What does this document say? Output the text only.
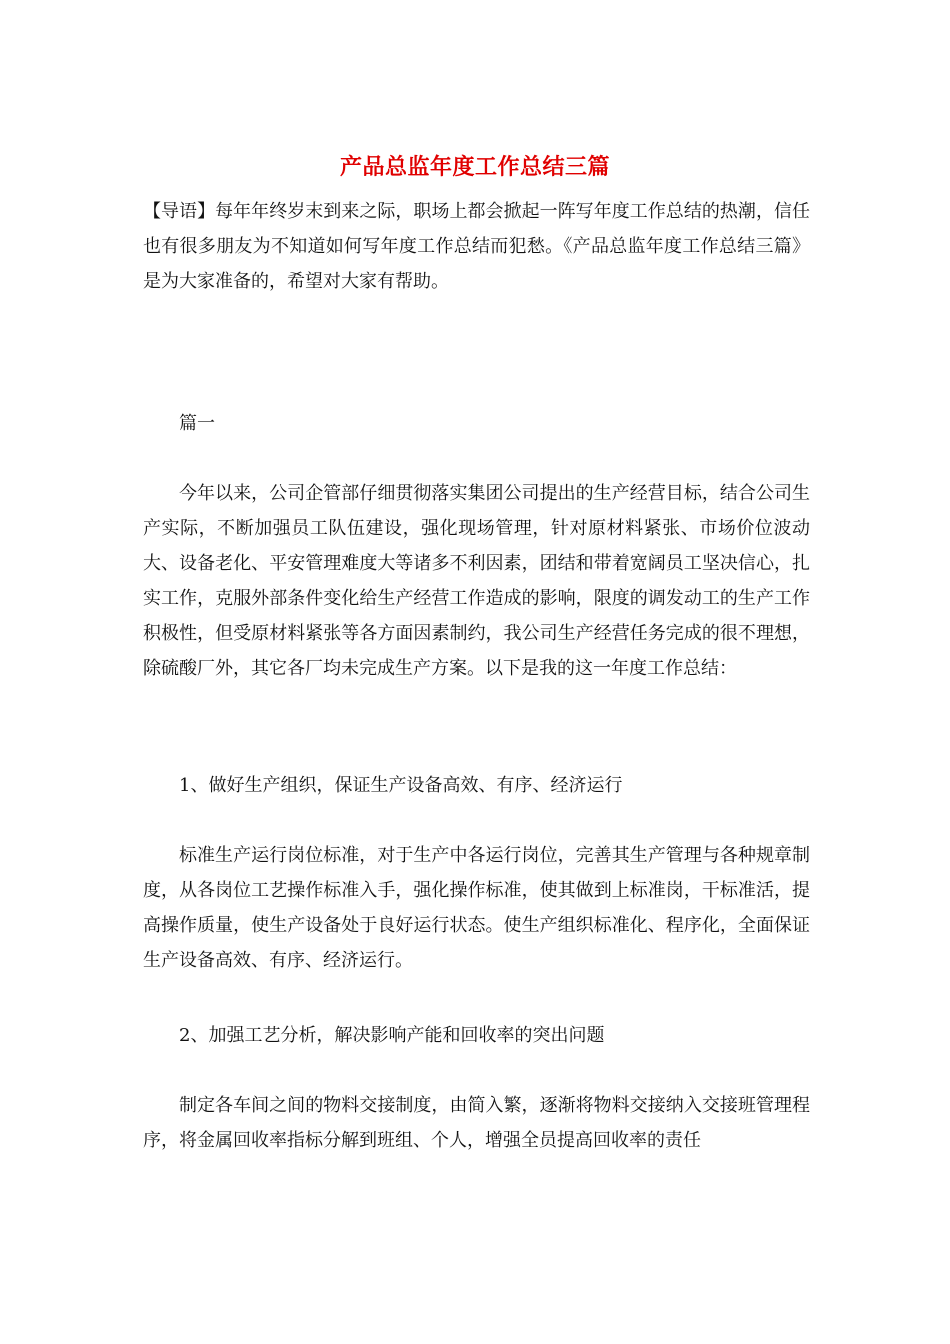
产品总监年度工作总结三篇
【导语】每年年终岁末到来之际，职场上都会掀起一阵写年度工作总结的热潮，信任也有很多朋友为不知道如何写年度工作总结而犯愁。《产品总监年度工作总结三篇》是为大家准备的，希望对大家有帮助。
篇一
今年以来，公司企管部仔细贯彻落实集团公司提出的生产经营目标，结合公司生产实际，不断加强员工队伍建设，强化现场管理，针对原材料紧张、市场价位波动大、设备老化、平安管理难度大等诸多不利因素，团结和带着宽阔员工坚决信心，扎实工作，克服外部条件变化给生产经营工作造成的影响，限度的调发动工的生产工作积极性，但受原材料紧张等各方面因素制约，我公司生产经营任务完成的很不理想，除硫酸厂外，其它各厂均未完成生产方案。以下是我的这一年度工作总结：
1、做好生产组织，保证生产设备高效、有序、经济运行
标准生产运行岗位标准，对于生产中各运行岗位，完善其生产管理与各种规章制度，从各岗位工艺操作标准入手，强化操作标准，使其做到上标准岗，干标准活，提高操作质量，使生产设备处于良好运行状态。使生产组织标准化、程序化，全面保证生产设备高效、有序、经济运行。
2、加强工艺分析，解决影响产能和回收率的突出问题
制定各车间之间的物料交接制度，由简入繁，逐渐将物料交接纳入交接班管理程序，将金属回收率指标分解到班组、个人，增强全员提高回收率的责任
